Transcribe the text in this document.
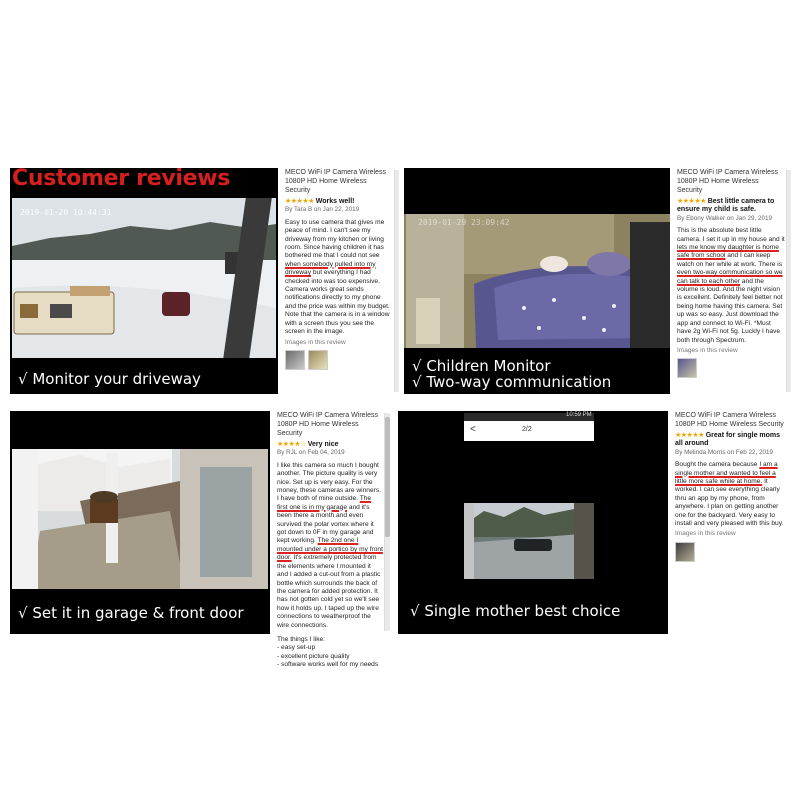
Customer reviews
2019-01-20 10:44:31
√ Monitor your driveway
MECO WiFi IP Camera Wireless 1080P HD Home Wireless Security
★★★★★ Works well!
By Tara B on Jan 22, 2019
Easy to use camera that gives me peace of mind. I can't see my driveway from my kitchen or living room. Since having children it has bothered me that I could not see when somebody pulled into my driveway but everything I had checked into was too expensive. Camera works great sends notifications directly to my phone and the price was within my budget. Note that the camera is in a window with a screen thus you see the screen in the image.
Images in this review
2019-01-29 23:09:42
√ Children Monitor
√ Two-way communication
MECO WiFi IP Camera Wireless 1080P HD Home Wireless Security
★★★★★ Best little camera to ensure my child is safe.
By Ebony Walker on Jan 29, 2019
This is the absolute best little camera. I set it up in my house and it lets me know my daughter is home safe from school and I can keep watch on her while at work. There is even two-way communication so we can talk to each other and the volume is loud. And the night vision is excellent. Definitely feel better not being home having this camera. Set up was so easy. Just download the app and connect to Wi-Fi. *Must have 2g Wi-Fi not 5g. Luckly I have both through Spectrum.
Images in this review
√ Set it in garage & front door
MECO WiFi IP Camera Wireless 1080P HD Home Wireless Security
★★★★☆ Very nice
By RJL on Feb 04, 2019
I like this camera so much I bought another. The picture quality is very nice. Set up is very easy. For the money, these cameras are winners. I have both of mine outside. The first one is in my garage and it's been there a month and even survived the polar vortex where it got down to 0F in my garage and kept working. The 2nd one I mounted under a portico by my front door. It's extremely protected from the elements where I mounted it and I added a cut-out from a plastic bottle which surrounds the back of the camera for added protection. It has not gotten cold yet so we'll see how it holds up. I taped up the wire connections to weatherproof the wire connections.
The things I like:
- easy set-up
- excellent picture quality
- software works well for my needs
10:59 PM
<	2/2
√ Single mother best choice
MECO WiFi IP Camera Wireless 1080P HD Home Wireless Security
★★★★★ Great for single moms all around
By Melinda Morris on Feb 22, 2019
Bought the camera because I am a single mother and wanted to feel a little more safe while at home. It worked. I can see everything clearly thru an app by my phone, from anywhere. I plan on getting another one for the backyard. Very easy to install and very pleased with this buy.
Images in this review
